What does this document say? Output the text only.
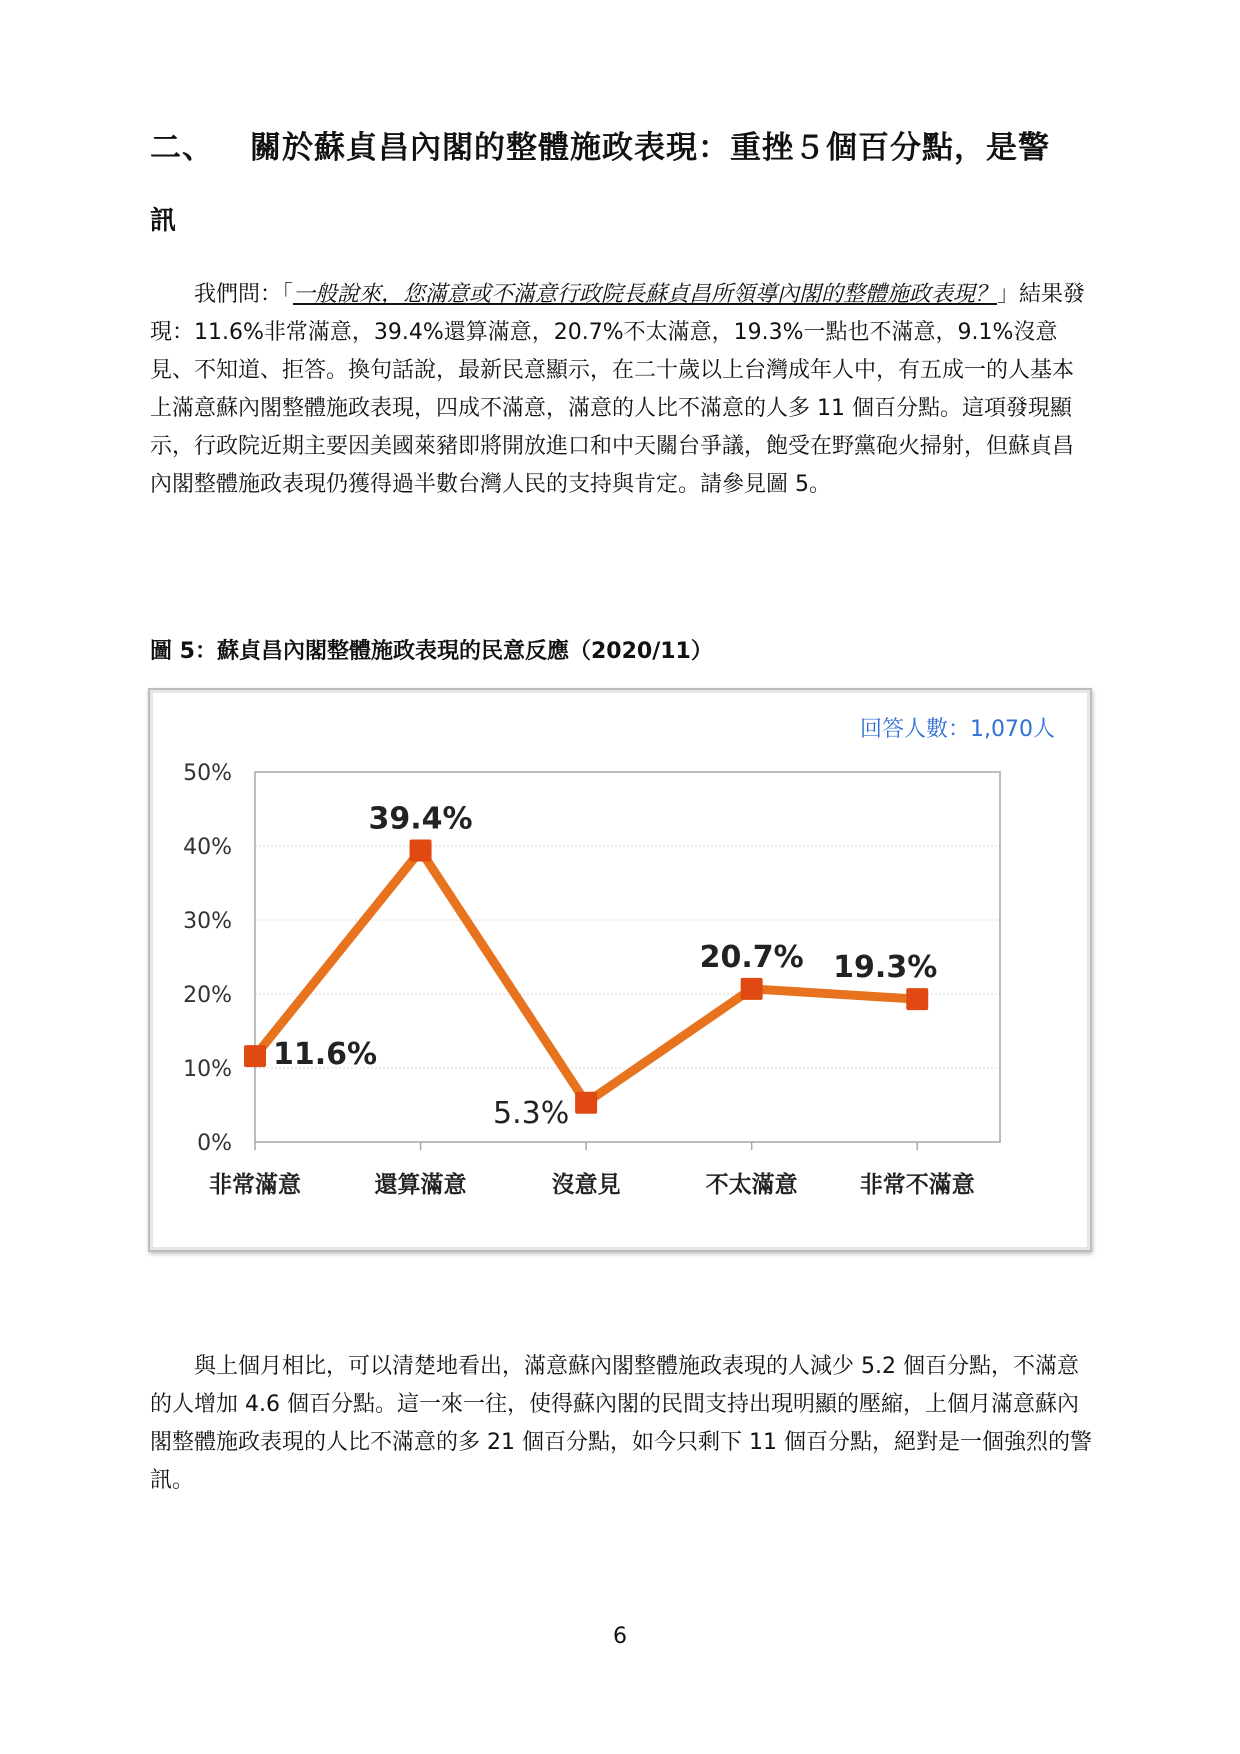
二、 關於蘇貞昌內閣的整體施政表現：重挫５個百分點，是警
訊
我們問：「一般說來，您滿意或不滿意行政院長蘇貞昌所領導內閣的整體施政表現？」結果發現：11.6%非常滿意，39.4%還算滿意，20.7%不太滿意，19.3%一點也不滿意，9.1%沒意見、不知道、拒答。換句話說，最新民意顯示，在二十歲以上台灣成年人中，有五成一的人基本上滿意蘇內閣整體施政表現，四成不滿意，滿意的人比不滿意的人多 11 個百分點。這項發現顯示，行政院近期主要因美國萊豬即將開放進口和中天關台爭議，飽受在野黨砲火掃射，但蘇貞昌內閣整體施政表現仍獲得過半數台灣人民的支持與肯定。請參見圖 5。
圖 5：蘇貞昌內閣整體施政表現的民意反應（2020/11）
0%
10%
20%
30%
40%
50%
非常滿意	還算滿意	沒意見	不太滿意	非常不滿意
11.6%
39.4%
5.3%
20.7% 19.3%
回答人數：1,070人
與上個月相比，可以清楚地看出，滿意蘇內閣整體施政表現的人減少 5.2 個百分點，不滿意的人增加 4.6 個百分點。這一來一往，使得蘇內閣的民間支持出現明顯的壓縮，上個月滿意蘇內閣整體施政表現的人比不滿意的多 21 個百分點，如今只剩下 11 個百分點，絕對是一個強烈的警訊。
6
